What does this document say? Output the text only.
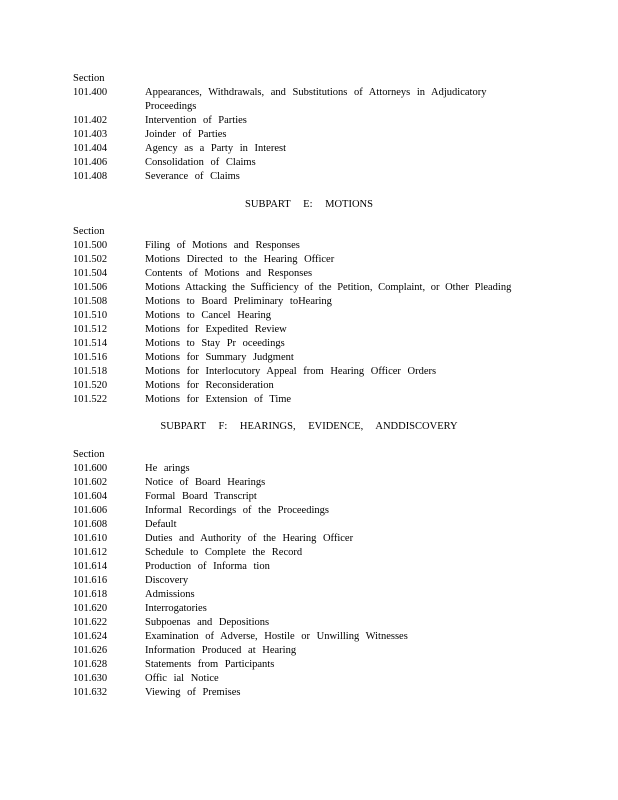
Section
101.400	Appearances, Withdrawals, and Substitutions of Attorneys in Adjudicatory Proceedings
101.402	Intervention of Parties
101.403	Joinder of Parties
101.404	Agency as a Party in Interest
101.406	Consolidation of Claims
101.408	Severance of Claims
SUBPART E: MOTIONS
Section
101.500	Filing of Motions and Responses
101.502	Motions Directed to the Hearing Officer
101.504	Contents of Motions and Responses
101.506	Motions Attacking the Sufficiency of the Petition, Complaint, or Other Pleading
101.508	Motions to Board Preliminary toHearing
101.510	Motions to Cancel Hearing
101.512	Motions for Expedited Review
101.514	Motions to Stay Pr oceedings
101.516	Motions for Summary Judgment
101.518	Motions for Interlocutory Appeal from Hearing Officer Orders
101.520	Motions for Reconsideration
101.522	Motions for Extension of Time
SUBPART F: HEARINGS, EVIDENCE, ANDDISCOVERY
Section
101.600	He arings
101.602	Notice of Board Hearings
101.604	Formal Board Transcript
101.606	Informal Recordings of the Proceedings
101.608	Default
101.610	Duties and Authority of the Hearing Officer
101.612	Schedule to Complete the Record
101.614	Production of Informa tion
101.616	Discovery
101.618	Admissions
101.620	Interrogatories
101.622	Subpoenas and Depositions
101.624	Examination of Adverse, Hostile or Unwilling Witnesses
101.626	Information Produced at Hearing
101.628	Statements from Participants
101.630	Offic ial Notice
101.632	Viewing of Premises
